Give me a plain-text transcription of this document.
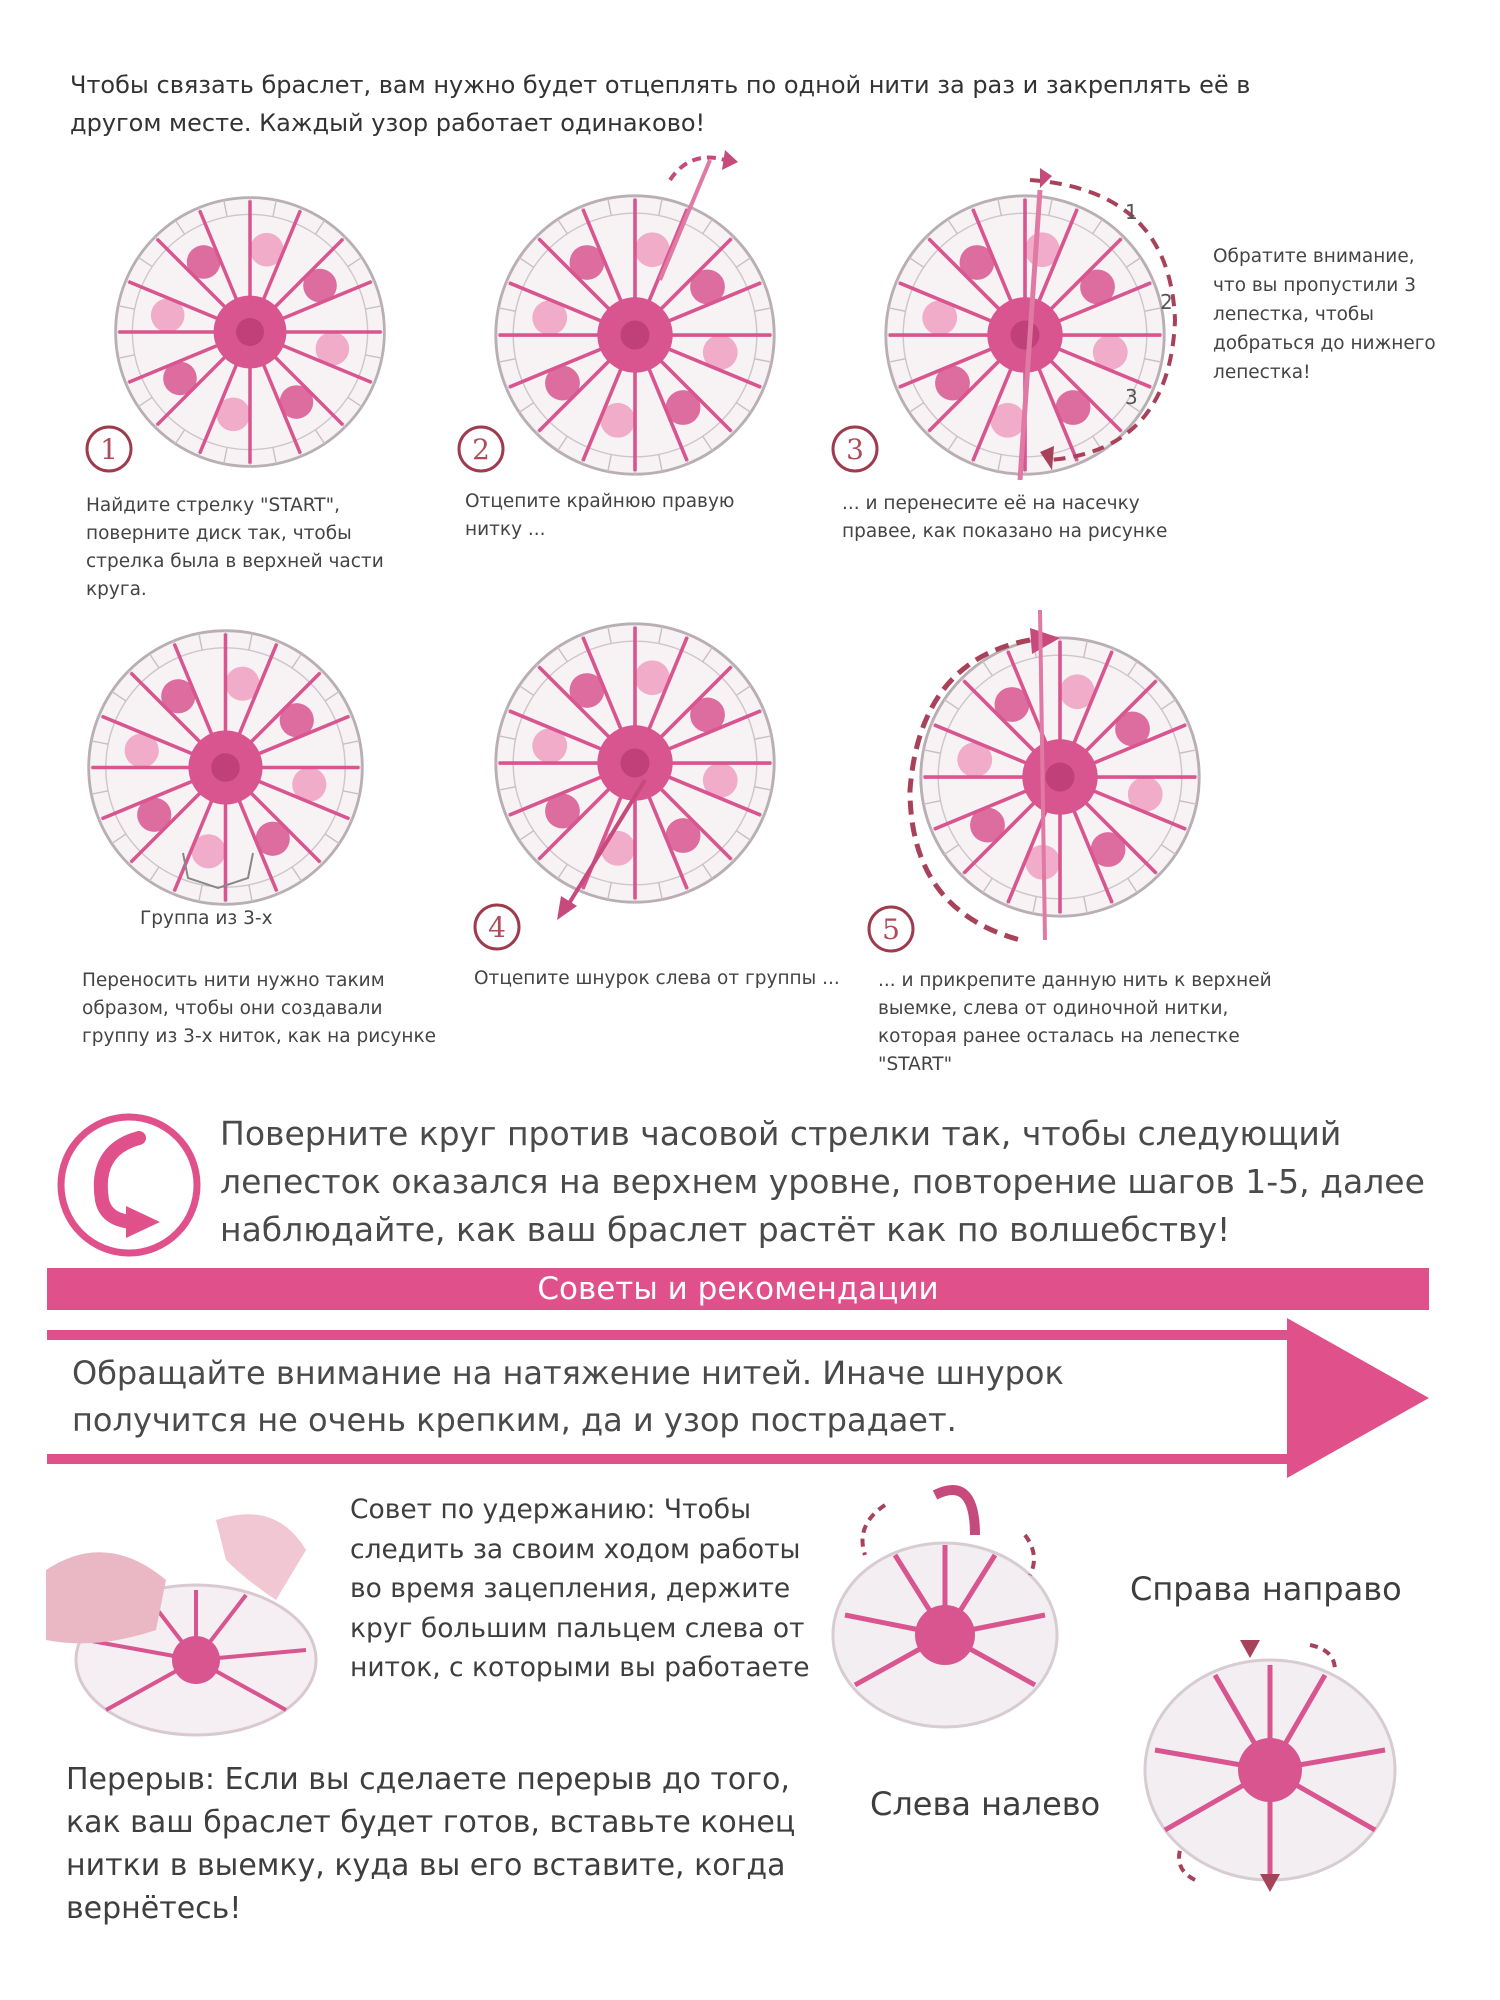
Чтобы связать браслет, вам нужно будет отцеплять по одной нити за раз и закреплять её в другом месте. Каждый узор работает одинаково!
1
2
3
1	2	3
4	5
Найдите стрелку "START", поверните диск так, чтобы стрелка была в верхней части круга.
Отцепите крайнюю правую нитку ...
... и перенесите её на насечку правее, как показано на рисунке
Обратите внимание, что вы пропустили 3 лепестка, чтобы добраться до нижнего лепестка!
Группа из 3-х
Переносить нити нужно таким образом, чтобы они создавали группу из 3-х ниток, как на рисунке
Отцепите шнурок слева от группы ...	... и прикрепите данную нить к верхней выемке, слева от одиночной нитки, которая ранее осталась на лепестке "START"
Поверните круг против часовой стрелки так, чтобы следующий лепесток оказался на верхнем уровне, повторение шагов 1-5, далее наблюдайте, как ваш браслет растёт как по волшебству!
Советы и рекомендации
Обращайте внимание на натяжение нитей. Иначе шнурок получится не очень крепким, да и узор пострадает.
Совет по удержанию: Чтобы следить за своим ходом работы во время зацепления, держите круг большим пальцем слева от ниток, с которыми вы работаете
Перерыв: Если вы сделаете перерыв до того, как ваш браслет будет готов, вставьте конец нитки в выемку, куда вы его вставите, когда вернётесь!
Слева налево
Справа направо
